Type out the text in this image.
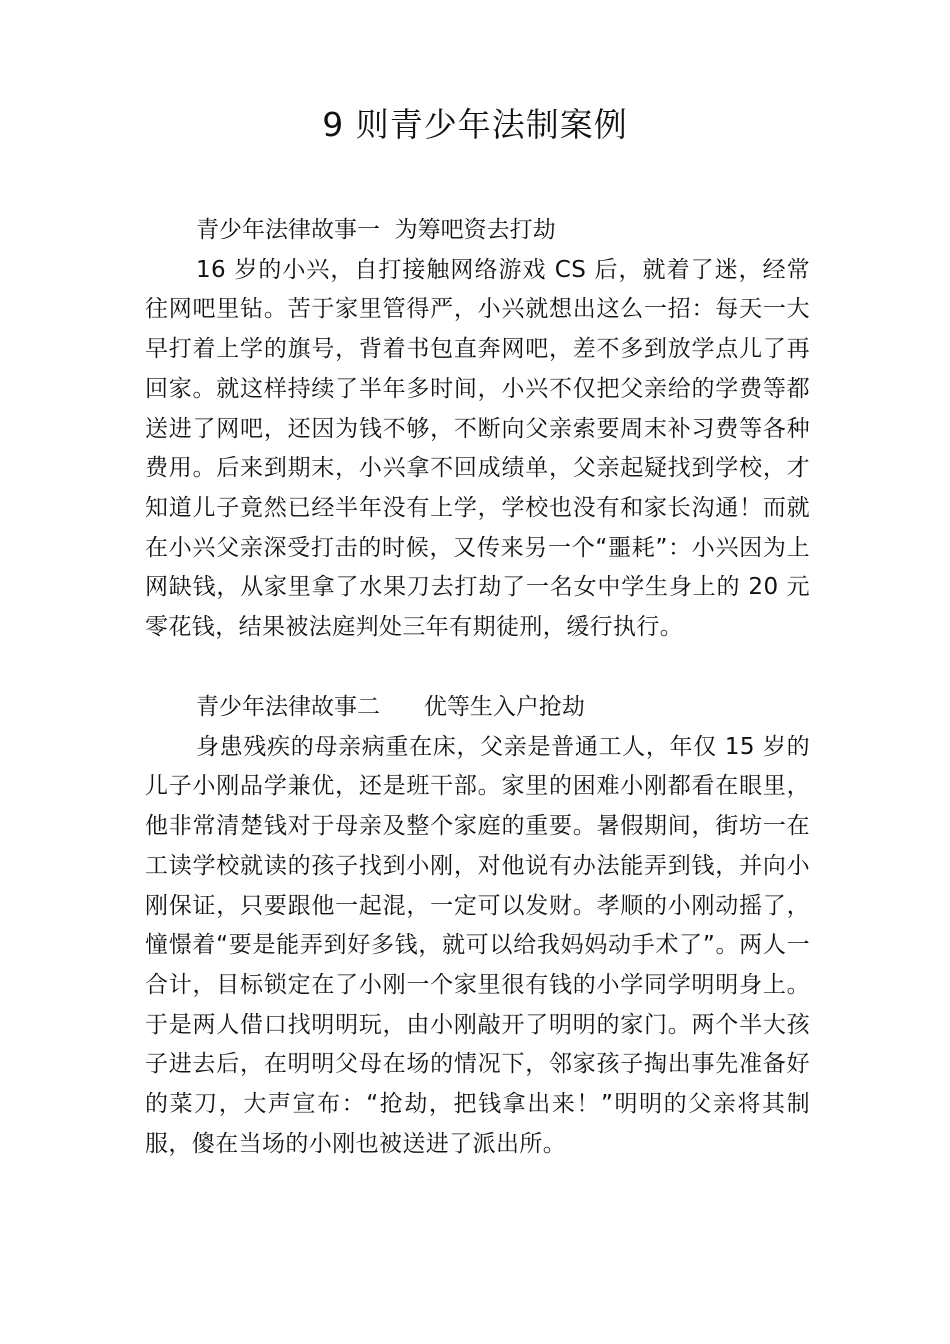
9 则青少年法制案例

青少年法律故事一  为筹吧资去打劫

16 岁的小兴，自打接触网络游戏 CS 后，就着了迷，经常往网吧里钻。苦于家里管得严，小兴就想出这么一招：每天一大早打着上学的旗号，背着书包直奔网吧，差不多到放学点儿了再回家。就这样持续了半年多时间，小兴不仅把父亲给的学费等都送进了网吧，还因为钱不够，不断向父亲索要周末补习费等各种费用。后来到期末，小兴拿不回成绩单，父亲起疑找到学校，才知道儿子竟然已经半年没有上学，学校也没有和家长沟通！而就在小兴父亲深受打击的时候，又传来另一个“噩耗”：小兴因为上网缺钱，从家里拿了水果刀去打劫了一名女中学生身上的 20 元零花钱，结果被法庭判处三年有期徒刑，缓行执行。

青少年法律故事二      优等生入户抢劫

身患残疾的母亲病重在床，父亲是普通工人，年仅 15 岁的儿子小刚品学兼优，还是班干部。家里的困难小刚都看在眼里，他非常清楚钱对于母亲及整个家庭的重要。暑假期间，街坊一在工读学校就读的孩子找到小刚，对他说有办法能弄到钱，并向小刚保证，只要跟他一起混，一定可以发财。孝顺的小刚动摇了，憧憬着“要是能弄到好多钱，就可以给我妈妈动手术了”。两人一合计，目标锁定在了小刚一个家里很有钱的小学同学明明身上。于是两人借口找明明玩，由小刚敲开了明明的家门。两个半大孩子进去后，在明明父母在场的情况下，邻家孩子掏出事先准备好的菜刀，大声宣布：“抢劫，把钱拿出来！”明明的父亲将其制服，傻在当场的小刚也被送进了派出所。
